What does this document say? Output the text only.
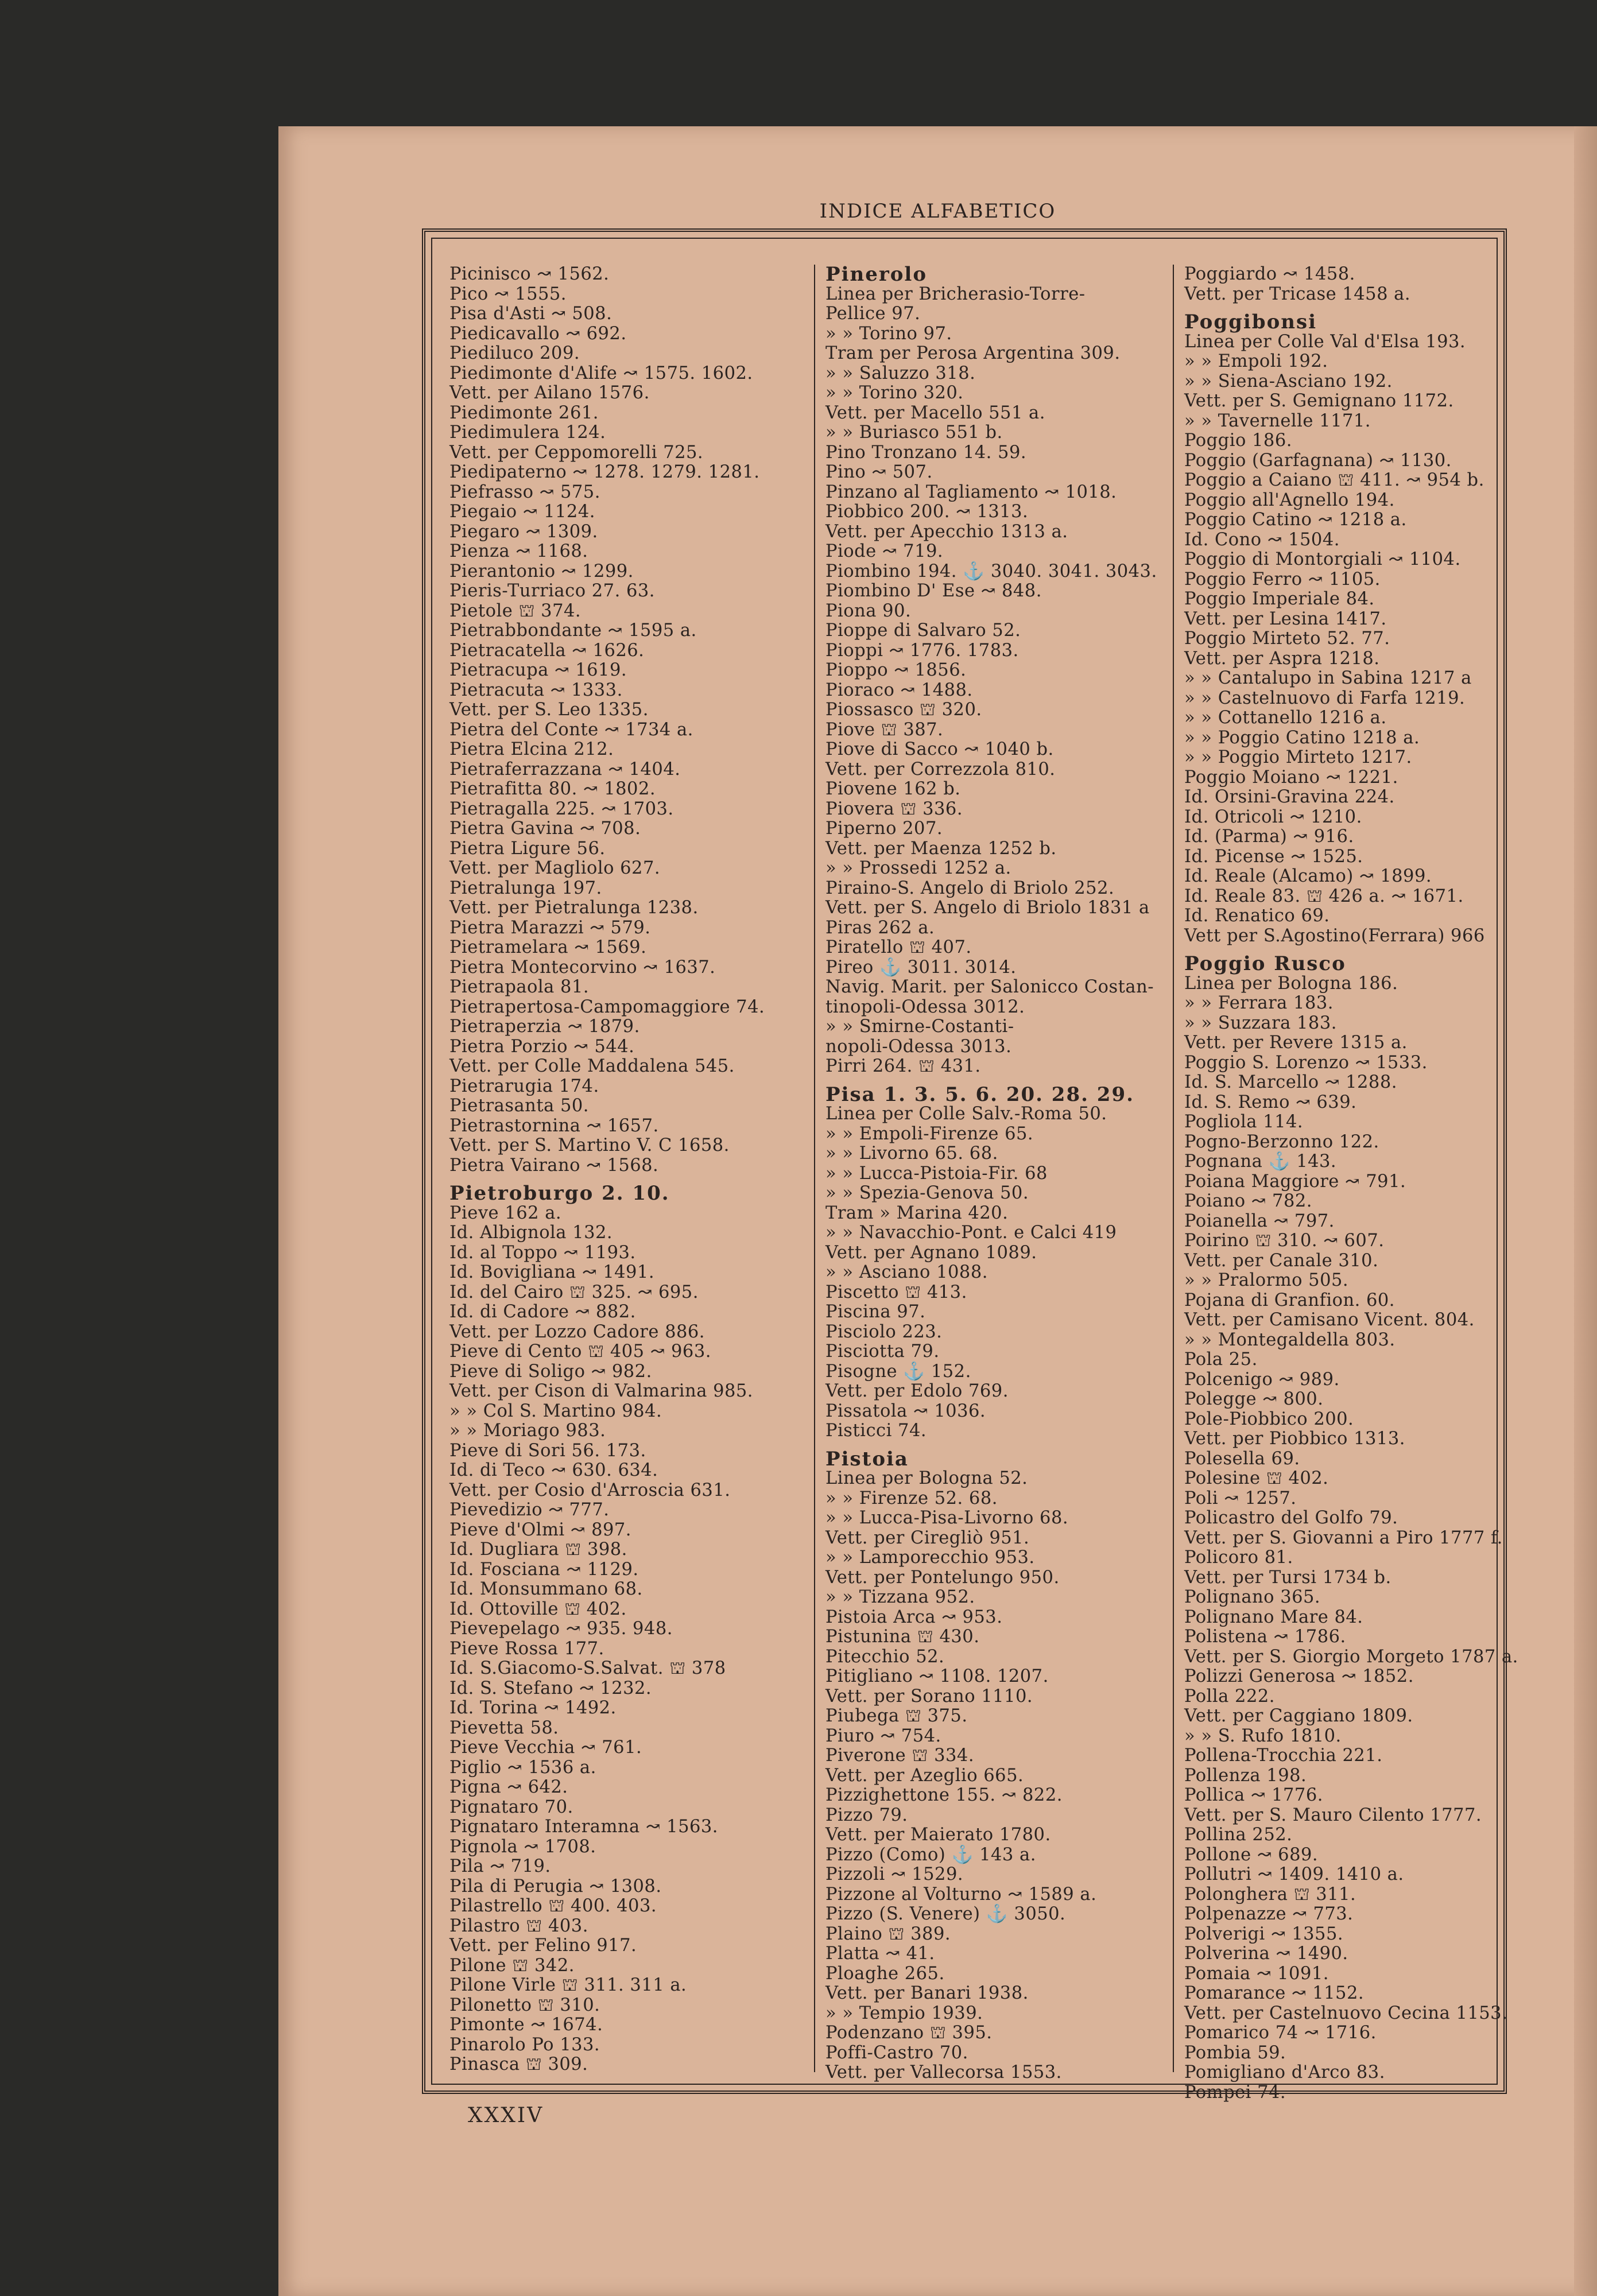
INDICE ALFABETICO
Picinisco ↝ 1562.
Pico ↝ 1555.
Pisa d'Asti ↝ 508.
Piedicavallo ↝ 692.
Piediluco 209.
Piedimonte d'Alife ↝ 1575. 1602.
Vett. per Ailano 1576.
Piedimonte 261.
Piedimulera 124.
Vett. per Ceppomorelli 725.
Piedipaterno ↝ 1278. 1279. 1281.
Piefrasso ↝ 575.
Piegaio ↝ 1124.
Piegaro ↝ 1309.
Pienza ↝ 1168.
Pierantonio ↝ 1299.
Pieris-Turriaco 27. 63.
Pietole ⛫ 374.
Pietrabbondante ↝ 1595 a.
Pietracatella ↝ 1626.
Pietracupa ↝ 1619.
Pietracuta ↝ 1333.
Vett. per S. Leo 1335.
Pietra del Conte ↝ 1734 a.
Pietra Elcina 212.
Pietraferrazzana ↝ 1404.
Pietrafitta 80. ↝ 1802.
Pietragalla 225. ↝ 1703.
Pietra Gavina ↝ 708.
Pietra Ligure 56.
Vett. per Magliolo 627.
Pietralunga 197.
Vett. per Pietralunga 1238.
Pietra Marazzi ↝ 579.
Pietramelara ↝ 1569.
Pietra Montecorvino ↝ 1637.
Pietrapaola 81.
Pietrapertosa-Campomaggiore 74.
Pietraperzia ↝ 1879.
Pietra Porzio ↝ 544.
Vett. per Colle Maddalena 545.
Pietrarugia 174.
Pietrasanta 50.
Pietrastornina ↝ 1657.
Vett. per S. Martino V. C 1658.
Pietra Vairano ↝ 1568.
Pietroburgo 2. 10.
Pieve 162 a.
Id. Albignola 132.
Id. al Toppo ↝ 1193.
Id. Bovigliana ↝ 1491.
Id. del Cairo ⛫ 325. ↝ 695.
Id. di Cadore ↝ 882.
Vett. per Lozzo Cadore 886.
Pieve di Cento ⛫ 405 ↝ 963.
Pieve di Soligo ↝ 982.
Vett. per Cison di Valmarina 985.
» » Col S. Martino 984.
» » Moriago 983.
Pieve di Sori 56. 173.
Id. di Teco ↝ 630. 634.
Vett. per Cosio d'Arroscia 631.
Pievedizio ↝ 777.
Pieve d'Olmi ↝ 897.
Id. Dugliara ⛫ 398.
Id. Fosciana ↝ 1129.
Id. Monsummano 68.
Id. Ottoville ⛫ 402.
Pievepelago ↝ 935. 948.
Pieve Rossa 177.
Id. S.Giacomo-S.Salvat. ⛫ 378
Id. S. Stefano ↝ 1232.
Id. Torina ↝ 1492.
Pievetta 58.
Pieve Vecchia ↝ 761.
Piglio ↝ 1536 a.
Pigna ↝ 642.
Pignataro 70.
Pignataro Interamna ↝ 1563.
Pignola ↝ 1708.
Pila ↝ 719.
Pila di Perugia ↝ 1308.
Pilastrello ⛫ 400. 403.
Pilastro ⛫ 403.
Vett. per Felino 917.
Pilone ⛫ 342.
Pilone Virle ⛫ 311. 311 a.
Pilonetto ⛫ 310.
Pimonte ↝ 1674.
Pinarolo Po 133.
Pinasca ⛫ 309.
Pinerolo
Linea per Bricherasio-Torre-
Pellice 97.
» » Torino 97.
Tram per Perosa Argentina 309.
» » Saluzzo 318.
» » Torino 320.
Vett. per Macello 551 a.
» » Buriasco 551 b.
Pino Tronzano 14. 59.
Pino ↝ 507.
Pinzano al Tagliamento ↝ 1018.
Piobbico 200. ↝ 1313.
Vett. per Apecchio 1313 a.
Piode ↝ 719.
Piombino 194. ⚓ 3040. 3041. 3043.
Piombino D' Ese ↝ 848.
Piona 90.
Pioppe di Salvaro 52.
Pioppi ↝ 1776. 1783.
Pioppo ↝ 1856.
Pioraco ↝ 1488.
Piossasco ⛫ 320.
Piove ⛫ 387.
Piove di Sacco ↝ 1040 b.
Vett. per Correzzola 810.
Piovene 162 b.
Piovera ⛫ 336.
Piperno 207.
Vett. per Maenza 1252 b.
» » Prossedi 1252 a.
Piraino-S. Angelo di Briolo 252.
Vett. per S. Angelo di Briolo 1831 a
Piras 262 a.
Piratello ⛫ 407.
Pireo ⚓ 3011. 3014.
Navig. Marit. per Salonicco Costan-
tinopoli-Odessa 3012.
» » Smirne-Costanti-
nopoli-Odessa 3013.
Pirri 264. ⛫ 431.
Pisa 1. 3. 5. 6. 20. 28. 29.
Linea per Colle Salv.-Roma 50.
» » Empoli-Firenze 65.
» » Livorno 65. 68.
» » Lucca-Pistoia-Fir. 68
» » Spezia-Genova 50.
Tram » Marina 420.
» » Navacchio-Pont. e Calci 419
Vett. per Agnano 1089.
» » Asciano 1088.
Piscetto ⛫ 413.
Piscina 97.
Pisciolo 223.
Pisciotta 79.
Pisogne ⚓ 152.
Vett. per Edolo 769.
Pissatola ↝ 1036.
Pisticci 74.
Pistoia
Linea per Bologna 52.
» » Firenze 52. 68.
» » Lucca-Pisa-Livorno 68.
Vett. per Ciregliò 951.
» » Lamporecchio 953.
Vett. per Pontelungo 950.
» » Tizzana 952.
Pistoia Arca ↝ 953.
Pistunina ⛫ 430.
Pitecchio 52.
Pitigliano ↝ 1108. 1207.
Vett. per Sorano 1110.
Piubega ⛫ 375.
Piuro ↝ 754.
Piverone ⛫ 334.
Vett. per Azeglio 665.
Pizzighettone 155. ↝ 822.
Pizzo 79.
Vett. per Maierato 1780.
Pizzo (Como) ⚓ 143 a.
Pizzoli ↝ 1529.
Pizzone al Volturno ↝ 1589 a.
Pizzo (S. Venere) ⚓ 3050.
Plaino ⛫ 389.
Platta ↝ 41.
Ploaghe 265.
Vett. per Banari 1938.
» » Tempio 1939.
Podenzano ⛫ 395.
Poffi-Castro 70.
Vett. per Vallecorsa 1553.
Poggiardo ↝ 1458.
Vett. per Tricase 1458 a.
Poggibonsi
Linea per Colle Val d'Elsa 193.
» » Empoli 192.
» » Siena-Asciano 192.
Vett. per S. Gemignano 1172.
» » Tavernelle 1171.
Poggio 186.
Poggio (Garfagnana) ↝ 1130.
Poggio a Caiano ⛫ 411. ↝ 954 b.
Poggio all'Agnello 194.
Poggio Catino ↝ 1218 a.
Id. Cono ↝ 1504.
Poggio di Montorgiali ↝ 1104.
Poggio Ferro ↝ 1105.
Poggio Imperiale 84.
Vett. per Lesina 1417.
Poggio Mirteto 52. 77.
Vett. per Aspra 1218.
» » Cantalupo in Sabina 1217 a
» » Castelnuovo di Farfa 1219.
» » Cottanello 1216 a.
» » Poggio Catino 1218 a.
» » Poggio Mirteto 1217.
Poggio Moiano ↝ 1221.
Id. Orsini-Gravina 224.
Id. Otricoli ↝ 1210.
Id. (Parma) ↝ 916.
Id. Picense ↝ 1525.
Id. Reale (Alcamo) ↝ 1899.
Id. Reale 83. ⛫ 426 a. ↝ 1671.
Id. Renatico 69.
Vett per S.Agostino(Ferrara) 966
Poggio Rusco
Linea per Bologna 186.
» » Ferrara 183.
» » Suzzara 183.
Vett. per Revere 1315 a.
Poggio S. Lorenzo ↝ 1533.
Id. S. Marcello ↝ 1288.
Id. S. Remo ↝ 639.
Pogliola 114.
Pogno-Berzonno 122.
Pognana ⚓ 143.
Poiana Maggiore ↝ 791.
Poiano ↝ 782.
Poianella ↝ 797.
Poirino ⛫ 310. ↝ 607.
Vett. per Canale 310.
» » Pralormo 505.
Pojana di Granfion. 60.
Vett. per Camisano Vicent. 804.
» » Montegaldella 803.
Pola 25.
Polcenigo ↝ 989.
Polegge ↝ 800.
Pole-Piobbico 200.
Vett. per Piobbico 1313.
Polesella 69.
Polesine ⛫ 402.
Poli ↝ 1257.
Policastro del Golfo 79.
Vett. per S. Giovanni a Piro 1777 f.
Policoro 81.
Vett. per Tursi 1734 b.
Polignano 365.
Polignano Mare 84.
Polistena ↝ 1786.
Vett. per S. Giorgio Morgeto 1787 a.
Polizzi Generosa ↝ 1852.
Polla 222.
Vett. per Caggiano 1809.
» » S. Rufo 1810.
Pollena-Trocchia 221.
Pollenza 198.
Pollica ↝ 1776.
Vett. per S. Mauro Cilento 1777.
Pollina 252.
Pollone ↝ 689.
Pollutri ↝ 1409. 1410 a.
Polonghera ⛫ 311.
Polpenazze ↝ 773.
Polverigi ↝ 1355.
Polverina ↝ 1490.
Pomaia ↝ 1091.
Pomarance ↝ 1152.
Vett. per Castelnuovo Cecina 1153.
Pomarico 74 ↝ 1716.
Pombia 59.
Pomigliano d'Arco 83.
Pompei 74.
XXXIV
